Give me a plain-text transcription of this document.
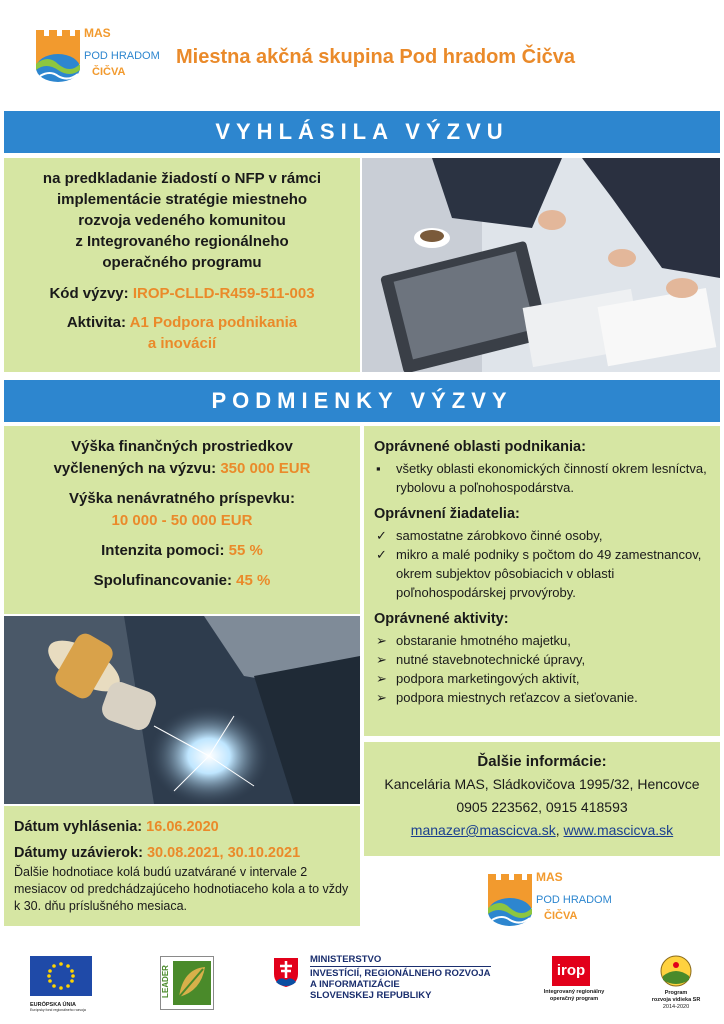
MAS
POD HRADOM
ČIČVA
Miestna akčná skupina Pod hradom Čičva
VYHLÁSILA VÝZVU
na predkladanie žiadostí o NFP v rámci
implementácie stratégie miestneho
rozvoja vedeného komunitou
z Integrovaného regionálneho
operačného programu
Kód výzvy: IROP-CLLD-R459-511-003
Aktivita: A1 Podpora podnikania
a inovácií
PODMIENKY VÝZVY
Výška finančných prostriedkov
vyčlenených na výzvu: 350 000 EUR
Výška nenávratného príspevku:
10 000 - 50 000 EUR
Intenzita pomoci: 55 %
Spolufinancovanie: 45 %
Oprávnené oblasti podnikania:
▪ všetky oblasti ekonomických činností okrem lesníctva, rybolovu a poľnohospodárstva.
Oprávnení žiadatelia:
✓ samostatne zárobkovo činné osoby,
✓ mikro a malé podniky s počtom do 49 zamestnancov, okrem subjektov pôsobiacich v oblasti poľnohospodárskej prvovýroby.
Oprávnené aktivity:
➢ obstaranie hmotného majetku,
➢ nutné stavebnotechnické úpravy,
➢ podpora marketingových aktivít,
➢ podpora miestnych reťazcov a sieťovanie.
Ďalšie informácie:
Kancelária MAS, Sládkovičova 1995/32, Hencovce
0905 223562, 0915 418593
manazer@mascicva.sk, www.mascicva.sk
Dátum vyhlásenia: 16.06.2020
Dátumy uzávierok: 30.08.2021, 30.10.2021
Ďalšie hodnotiace kolá budú uzatvárané v intervale 2 mesiacov od predchádzajúceho hodnotiaceho kola a to vždy k 30. dňu príslušného mesiaca.
MAS
POD HRADOM
ČIČVA
EURÓPSKA ÚNIA
Európsky fond regionálneho rozvoja
LEADER
MINISTERSTVO
INVESTÍCIÍ, REGIONÁLNEHO ROZVOJA
A INFORMATIZÁCIE
SLOVENSKEJ REPUBLIKY
irop
Integrovaný regionálny
operačný program
Program
rozvoja vidieka SR
2014-2020
